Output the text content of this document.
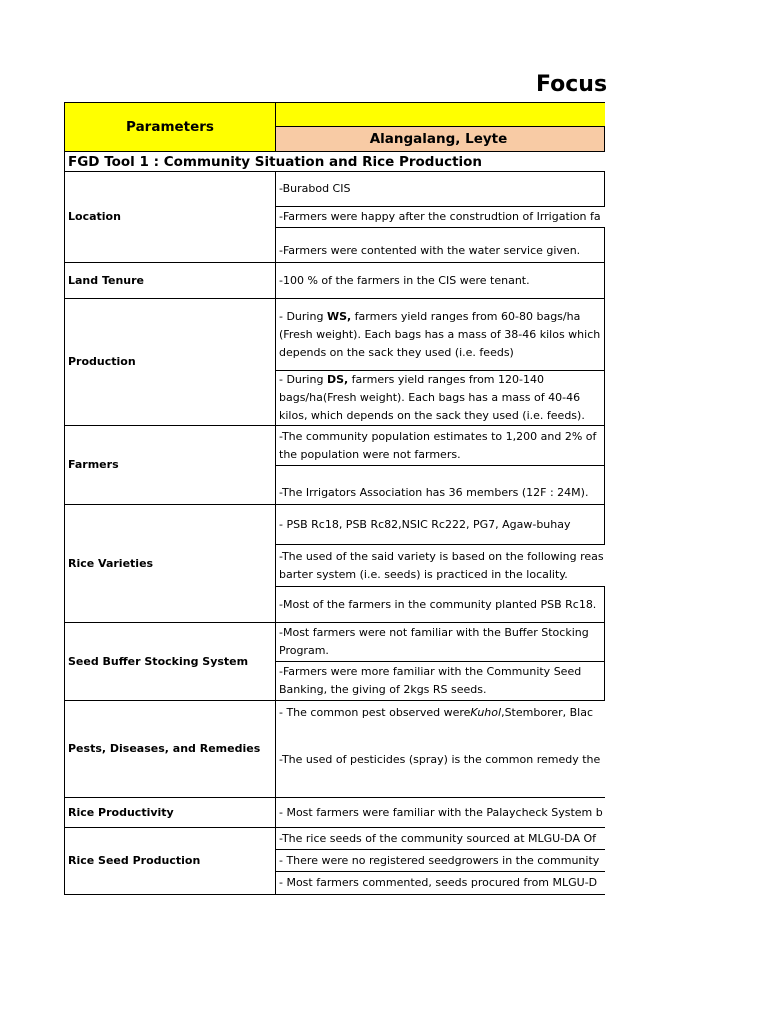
Focus
Parameters
Alangalang, Leyte
FGD Tool 1 : Community Situation and Rice Production
Location
-Burabod CIS
-Farmers were happy after the construdtion of Irrigation fa
-Farmers were contented with the water service given.
Land Tenure	-100 % of the farmers in the CIS were tenant.
Production
- During WS, farmers yield ranges from 60-80 bags/ha (Fresh weight). Each bags has a mass of 38-46 kilos which depends on the sack they used (i.e. feeds)
- During DS, farmers yield ranges from 120-140 bags/ha(Fresh weight). Each bags has a mass of 40-46 kilos, which depends on the sack they used (i.e. feeds).
Farmers
-The community population estimates to 1,200 and 2% of the population were not farmers.
-The Irrigators Association has 36 members (12F : 24M).
Rice Varieties
- PSB Rc18, PSB Rc82,NSIC Rc222, PG7, Agaw-buhay
-The used of the said variety is based on the following reas
barter system (i.e. seeds) is practiced in the locality.
-Most of the farmers in the community planted PSB Rc18.
Seed Buffer Stocking System
-Most farmers were not familiar with the Buffer Stocking Program.
-Farmers were more familiar with the Community Seed Banking, the giving of 2kgs RS seeds.
Pests, Diseases, and Remedies
- The common pest observed were Kuhol ,Stemborer, Blac
-The used of pesticides (spray) is the common remedy the
Rice Productivity	- Most farmers were familiar with the Palaycheck System b
Rice Seed Production
-The rice seeds of the community sourced at MLGU-DA Of
- There were no registered seedgrowers in the community
- Most farmers commented, seeds procured from MLGU-D
